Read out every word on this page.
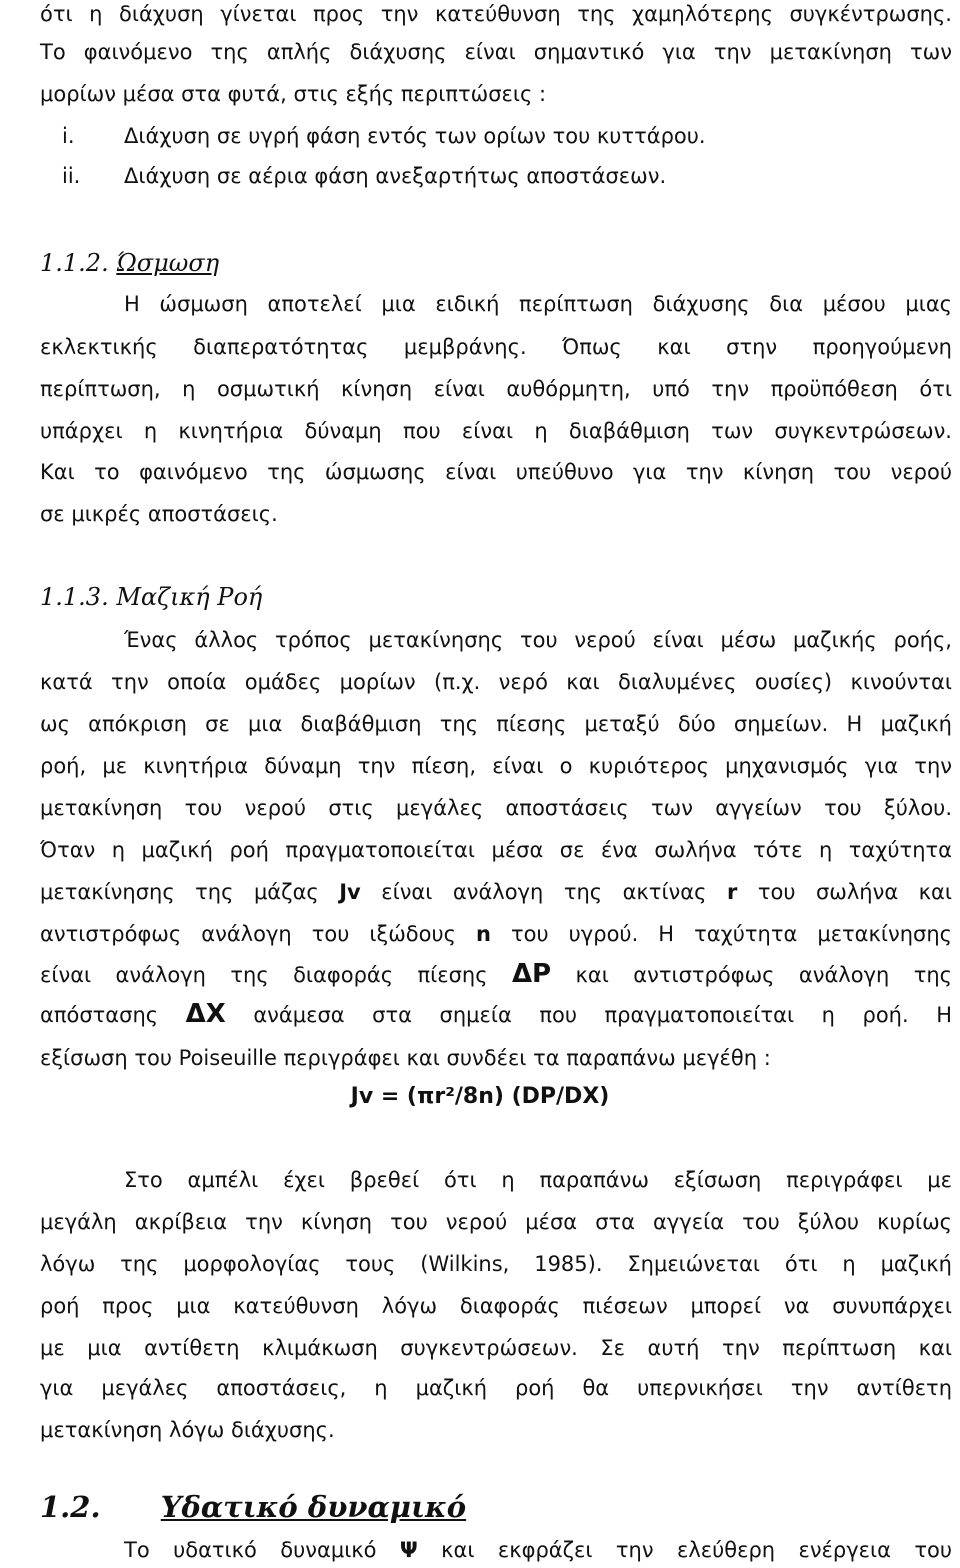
ότι η διάχυση γίνεται προς την κατεύθυνση της χαμηλότερης συγκέντρωσης.
Το φαινόμενο της απλής διάχυσης είναι σημαντικό για την μετακίνηση των
μορίων μέσα στα φυτά, στις εξής περιπτώσεις :
i. Διάχυση σε υγρή φάση εντός των ορίων του κυττάρου.
ii. Διάχυση σε αέρια φάση ανεξαρτήτως αποστάσεων.
1.1.2. Ώσμωση
Η ώσμωση αποτελεί μια ειδική περίπτωση διάχυσης δια μέσου μιας
εκλεκτικής διαπερατότητας μεμβράνης. Όπως και στην προηγούμενη
περίπτωση, η οσμωτική κίνηση είναι αυθόρμητη, υπό την προϋπόθεση ότι
υπάρχει η κινητήρια δύναμη που είναι η διαβάθμιση των συγκεντρώσεων.
Και το φαινόμενο της ώσμωσης είναι υπεύθυνο για την κίνηση του νερού
σε μικρές αποστάσεις.
1.1.3. Μαζική Ροή
Ένας άλλος τρόπος μετακίνησης του νερού είναι μέσω μαζικής ροής,
κατά την οποία ομάδες μορίων (π.χ. νερό και διαλυμένες ουσίες) κινούνται
ως απόκριση σε μια διαβάθμιση της πίεσης μεταξύ δύο σημείων. Η μαζική
ροή, με κινητήρια δύναμη την πίεση, είναι ο κυριότερος μηχανισμός για την
μετακίνηση του νερού στις μεγάλες αποστάσεις των αγγείων του ξύλου.
Όταν η μαζική ροή πραγματοποιείται μέσα σε ένα σωλήνα τότε η ταχύτητα
μετακίνησης της μάζας Jv είναι ανάλογη της ακτίνας r του σωλήνα και
αντιστρόφως ανάλογη του ιξώδους n του υγρού. Η ταχύτητα μετακίνησης
είναι ανάλογη της διαφοράς πίεσης ΔP και αντιστρόφως ανάλογη της
απόστασης ΔX ανάμεσα στα σημεία που πραγματοποιείται η ροή. Η
εξίσωση του Poiseuille περιγράφει και συνδέει τα παραπάνω μεγέθη :
Jv = (πr²/8n) (DP/DX)
Στο αμπέλι έχει βρεθεί ότι η παραπάνω εξίσωση περιγράφει με
μεγάλη ακρίβεια την κίνηση του νερού μέσα στα αγγεία του ξύλου κυρίως
λόγω της μορφολογίας τους (Wilkins, 1985). Σημειώνεται ότι η μαζική
ροή προς μια κατεύθυνση λόγω διαφοράς πιέσεων μπορεί να συνυπάρχει
με μια αντίθετη κλιμάκωση συγκεντρώσεων. Σε αυτή την περίπτωση και
για μεγάλες αποστάσεις, η μαζική ροή θα υπερνικήσει την αντίθετη
μετακίνηση λόγω διάχυσης.
1.2. Υδατικό δυναμικό
Το υδατικό δυναμικό Ψ και εκφράζει την ελεύθερη ενέργεια του
